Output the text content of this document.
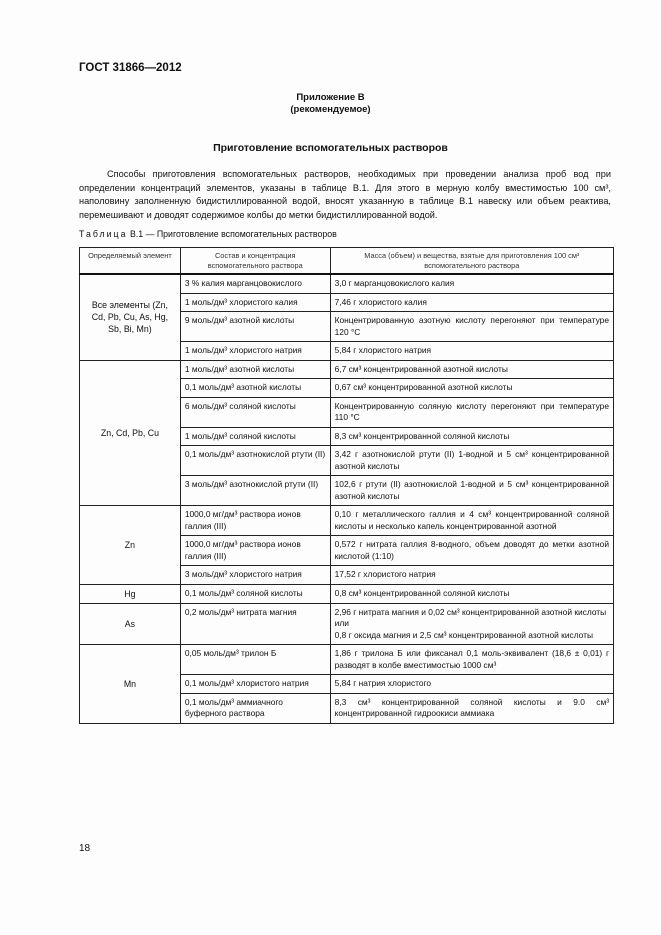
ГОСТ 31866—2012
Приложение В
(рекомендуемое)
Приготовление вспомогательных растворов

Способы приготовления вспомогательных растворов, необходимых при проведении анализа проб вод при определении концентраций элементов, указаны в таблице В.1. Для этого в мерную колбу вместимостью 100 см³, наполовину заполненную бидистиллированной водой, вносят указанную в таблице В.1 навеску или объем реактива, перемешивают и доводят содержимое колбы до метки бидистиллированной водой.

Таблица В.1 — Приготовление вспомогательных растворов
Определяемый элемент	Состав и концентрация вспомогательного раствора	Масса (объем) и вещества, взятые для приготовления 100 см³ вспомогательного раствора
Все элементы (Zn, Cd, Pb, Cu, As, Hg, Sb, Bi, Mn)	3 % калия марганцовокислого	3,0 г марганцовокислого калия
	1 моль/дм³ хлористого калия	7,46 г хлористого калия
	9 моль/дм³ азотной кислоты	Концентрированную азотную кислоту перегоняют при температуре 120 °C
	1 моль/дм³ хлористого натрия	5,84 г хлористого натрия
Zn, Cd, Pb, Cu	1 моль/дм³ азотной кислоты	6,7 см³ концентрированной азотной кислоты
	0,1 моль/дм³ азотной кислоты	0,67 см³ концентрированной азотной кислоты
	6 моль/дм³ соляной кислоты	Концентрированную соляную кислоту перегоняют при температуре 110 °C
	1 моль/дм³ соляной кислоты	8,3 см³ концентрированной соляной кислоты
	0,1 моль/дм³ азотнокислой ртути (II)	3,42 г азотнокислой ртути (II) 1-водной и 5 см³ концентрированной азотной кислоты
	3 моль/дм³ азотнокислой ртути (II)	102,6 г ртути (II) азотнокислой 1-водной и 5 см³ концентрированной азотной кислоты
Zn	1000,0 мг/дм³ раствора ионов галлия (III)	0,10 г металлического галлия и 4 см³ концентрированной соляной кислоты и несколько капель концентрированной азотной
	1000,0 мг/дм³ раствора ионов галлия (III)	0,572 г нитрата галлия 8-водного, объем доводят до метки азотной кислотой (1:10)
	3 моль/дм³ хлористого натрия	17,52 г хлористого натрия
Hg	0,1 моль/дм³ соляной кислоты	0,8 см³ концентрированной соляной кислоты
As	0,2 моль/дм³ нитрата магния	2,96 г нитрата магния и 0,02 см³ концентрированной азотной кислоты
или
0,8 г оксида магния и 2,5 см³ концентрированной азотной кислоты
Mn	0,05 моль/дм³ трилон Б	1,86 г трилона Б или фиксанал 0,1 моль-эквивалент (18,6 ± 0,01) г разводят в колбе вместимостью 1000 см³
	0,1 моль/дм³ хлористого натрия	5,84 г натрия хлористого
	0,1 моль/дм³ аммиачного буферного раствора	8,3 см³ концентрированной соляной кислоты и 9.0 см³ концентрированной гидроокиси аммиака
18
